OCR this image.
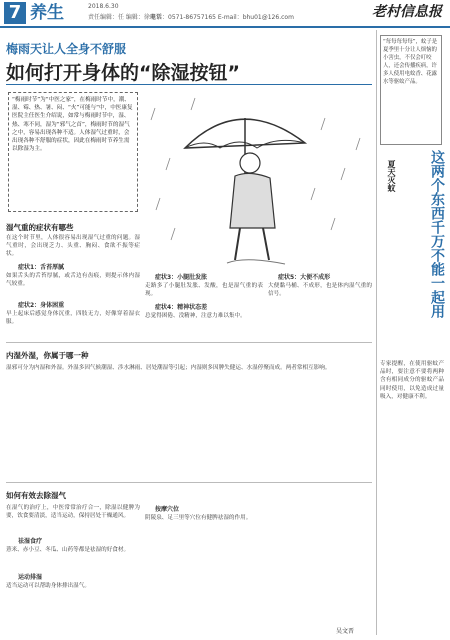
7 养生	2018.6.30
责任编辑：任 编辑：徐珊常
电话：0571-86757165 E-mail：bhu01@126.com	老村信息报
梅雨天让人全身不舒服
如何打开身体的“除湿按钮”
“梅雨时节”为“中医之家”，在梅雨时节中，潮、湿、霉、热、暑、闷、“火”可能与“中，中医康复医院主任医生介绍说，如常与梅雨时节中，湿、热、寒不同，湿为“邪气之首”，梅雨时节的湿气之中，容易出现各种不适。人体湿气过重时，会出现各种不舒服的症状，因此在梅雨时节养生需以除湿为主。
湿气重的症状有哪些
在这个时节里，人体很容易出现湿气过重的问题。湿气重时，会出现乏力、头重、胸闷、食欲不振等症状。
症状1：舌苔厚腻
如果舌头的舌苔厚腻，或舌边有齿痕，则提示体内湿气较重。
症状2：身体困重
早上起床后感觉身体沉重，四肢无力，好像穿着湿衣服。
症状3：小腿肚发胀
走路多了小腿肚发胀、发酸，也是湿气重的表现。
症状4：精神状态差
总觉得困倦、没精神，注意力难以集中。
症状5：大便不成形
大便黏马桶、不成形，也是体内湿气重的信号。
内湿外湿，你属于哪一种
湿邪可分为内湿和外湿。外湿多因气候潮湿、涉水淋雨、居处潮湿等引起；内湿则多因脾失健运、水湿停聚而成。两者常相互影响。
如何有效去除湿气
在湿气的治疗上，中医常常治疗合一，除湿以健脾为要，饮食要清淡，适当运动，保持居处干燥通风。
祛湿食疗
薏米、赤小豆、冬瓜、山药等都是祛湿的好食材。
运动排湿
适当运动可以帮助身体排出湿气。
按摩穴位
阴陵泉、足三里等穴位有健脾祛湿的作用。
吴文晋
“每每每每每”，蚊子是夏季里十分让人烦恼的小害虫，不仅会叮咬人，还会传播疾病，许多人使用电蚊香、花露水等驱蚊产品。
这两个东西千万不能一起用
夏天灭蚊
专家提醒，在使用驱蚊产品时，要注意不要将两种含有相同成分的驱蚊产品同时使用，以免造成过量吸入，对健康不利。
